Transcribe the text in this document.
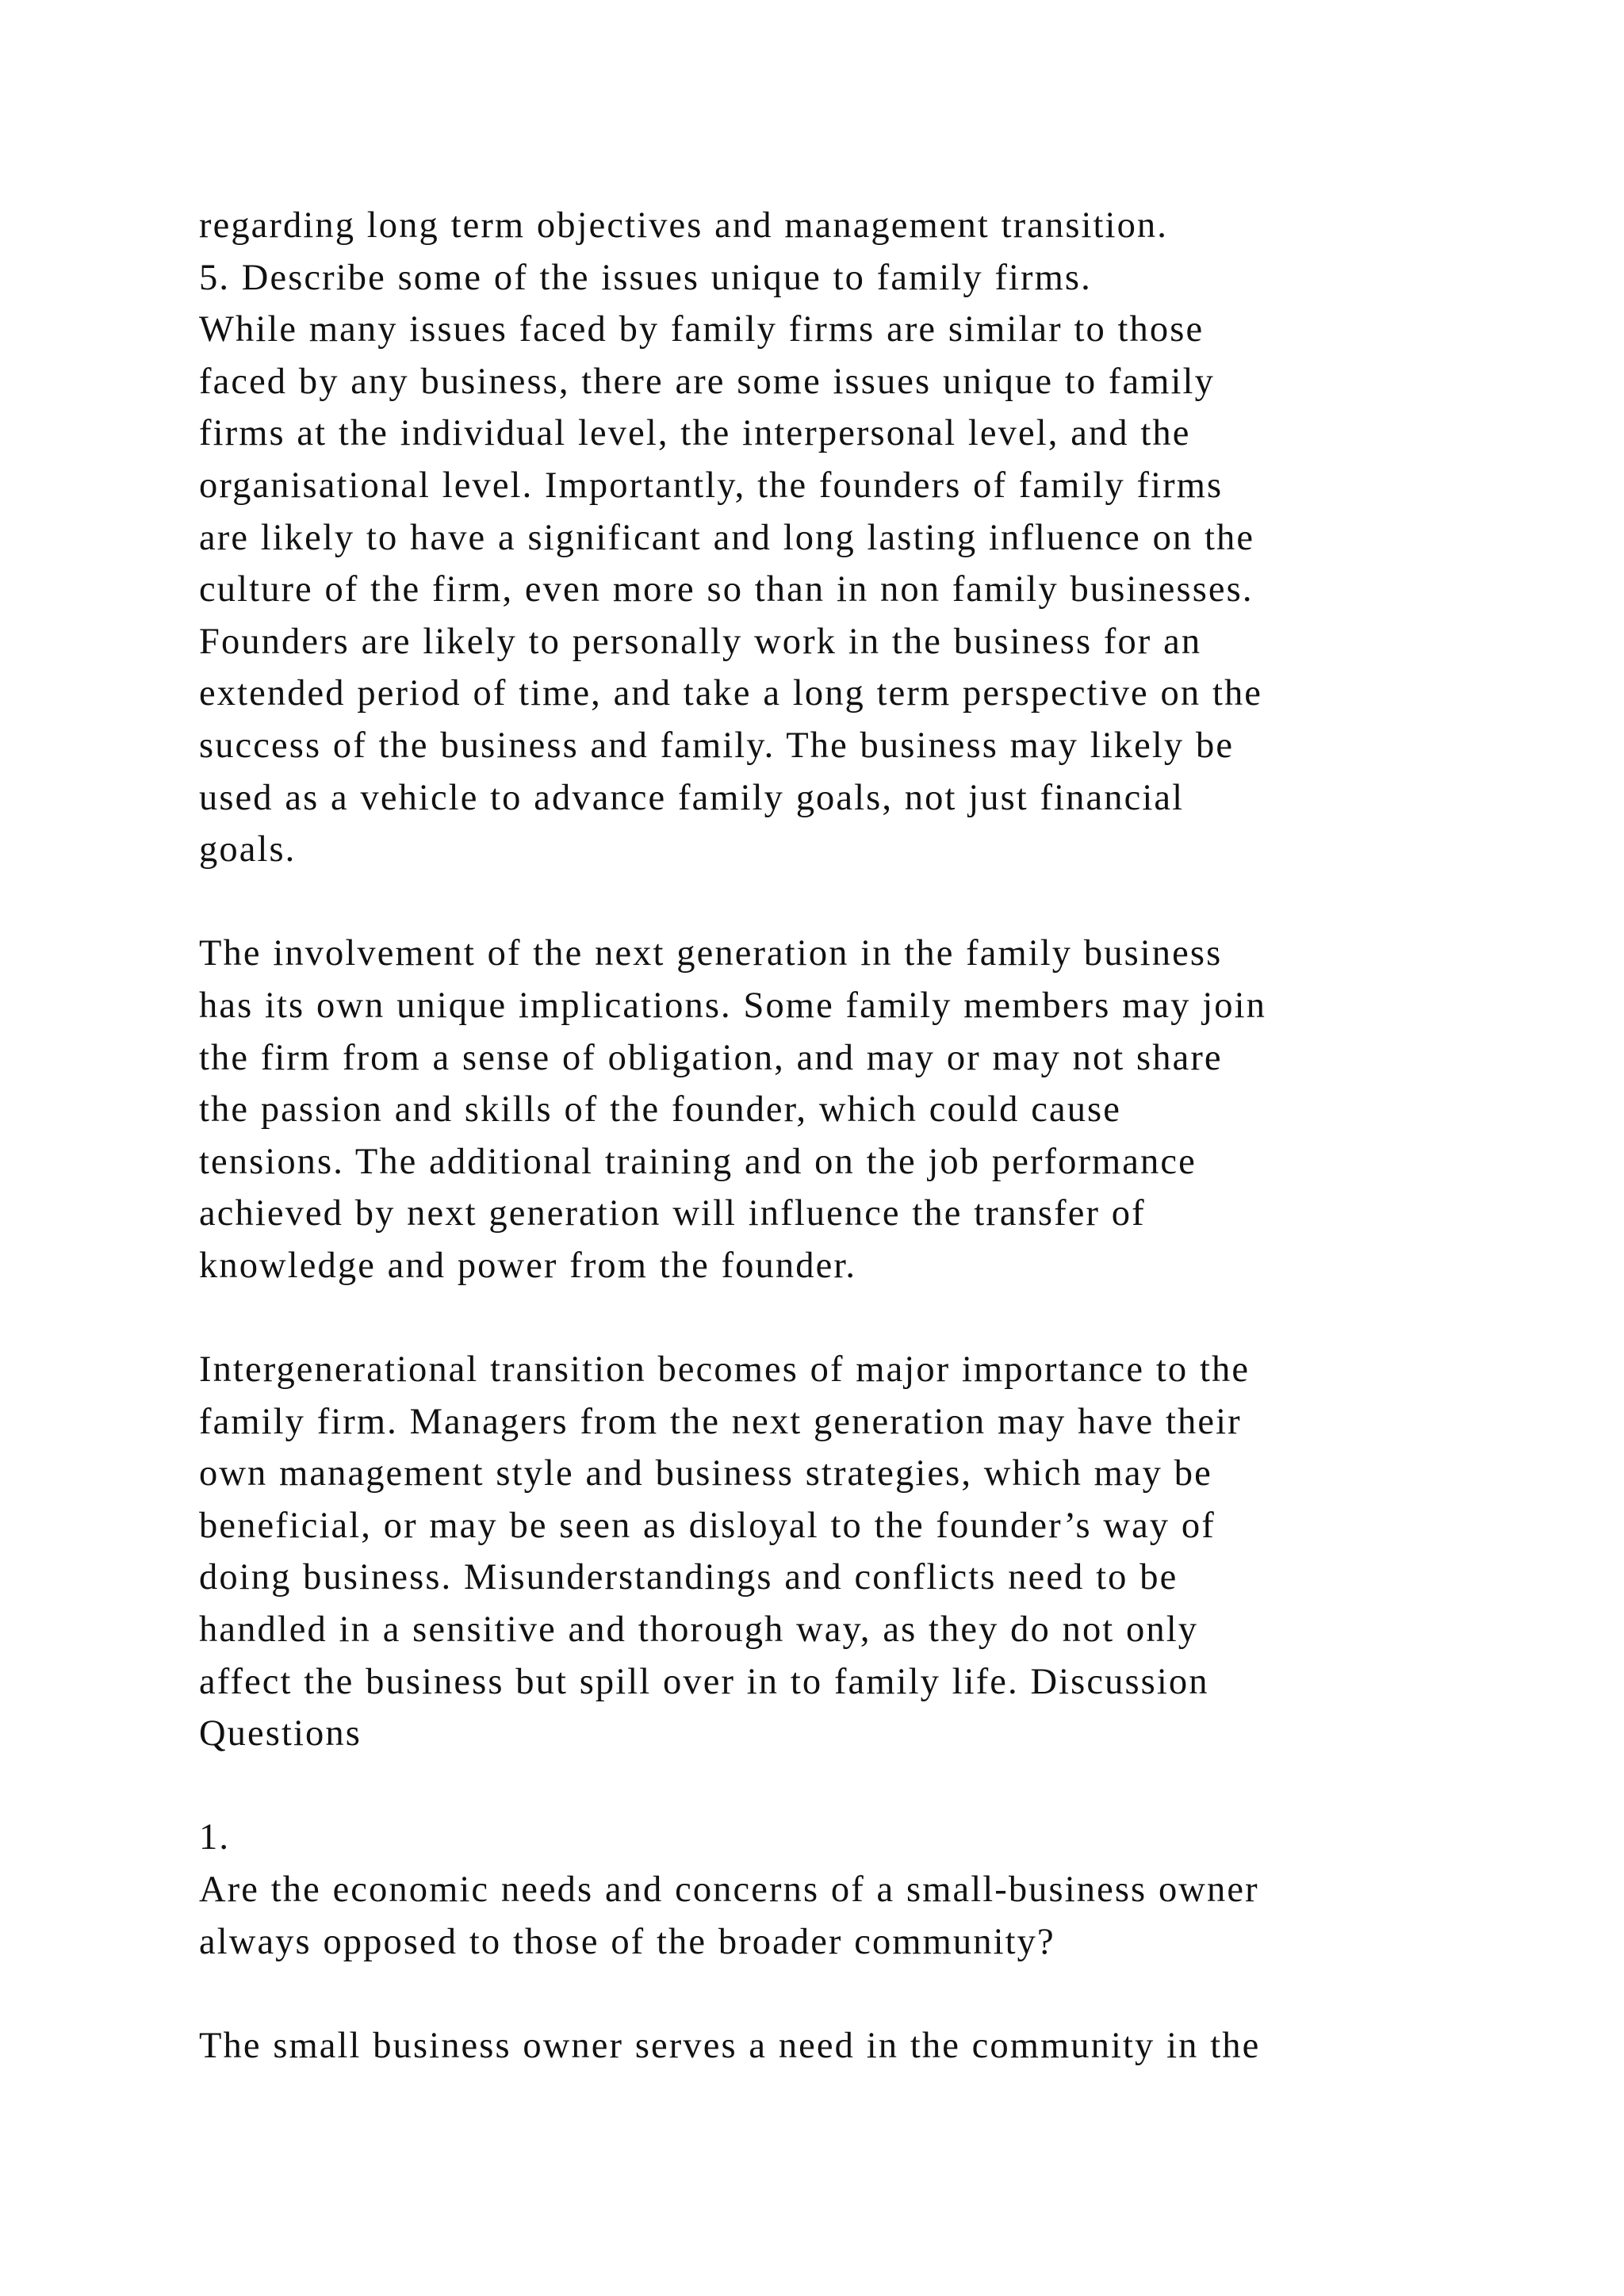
regarding long term objectives and management transition.
5. Describe some of the issues unique to family firms.
While many issues faced by family firms are similar to those
faced by any business, there are some issues unique to family
firms at the individual level, the interpersonal level, and the
organisational level. Importantly, the founders of family firms
are likely to have a significant and long lasting influence on the
culture of the firm, even more so than in non family businesses.
Founders are likely to personally work in the business for an
extended period of time, and take a long term perspective on the
success of the business and family. The business may likely be
used as a vehicle to advance family goals, not just financial
goals.
The involvement of the next generation in the family business
has its own unique implications. Some family members may join
the firm from a sense of obligation, and may or may not share
the passion and skills of the founder, which could cause
tensions. The additional training and on the job performance
achieved by next generation will influence the transfer of
knowledge and power from the founder.
Intergenerational transition becomes of major importance to the
family firm. Managers from the next generation may have their
own management style and business strategies, which may be
beneficial, or may be seen as disloyal to the founder’s way of
doing business. Misunderstandings and conflicts need to be
handled in a sensitive and thorough way, as they do not only
affect the business but spill over in to family life. Discussion
Questions
1.
Are the economic needs and concerns of a small-business owner
always opposed to those of the broader community?
The small business owner serves a need in the community in the
